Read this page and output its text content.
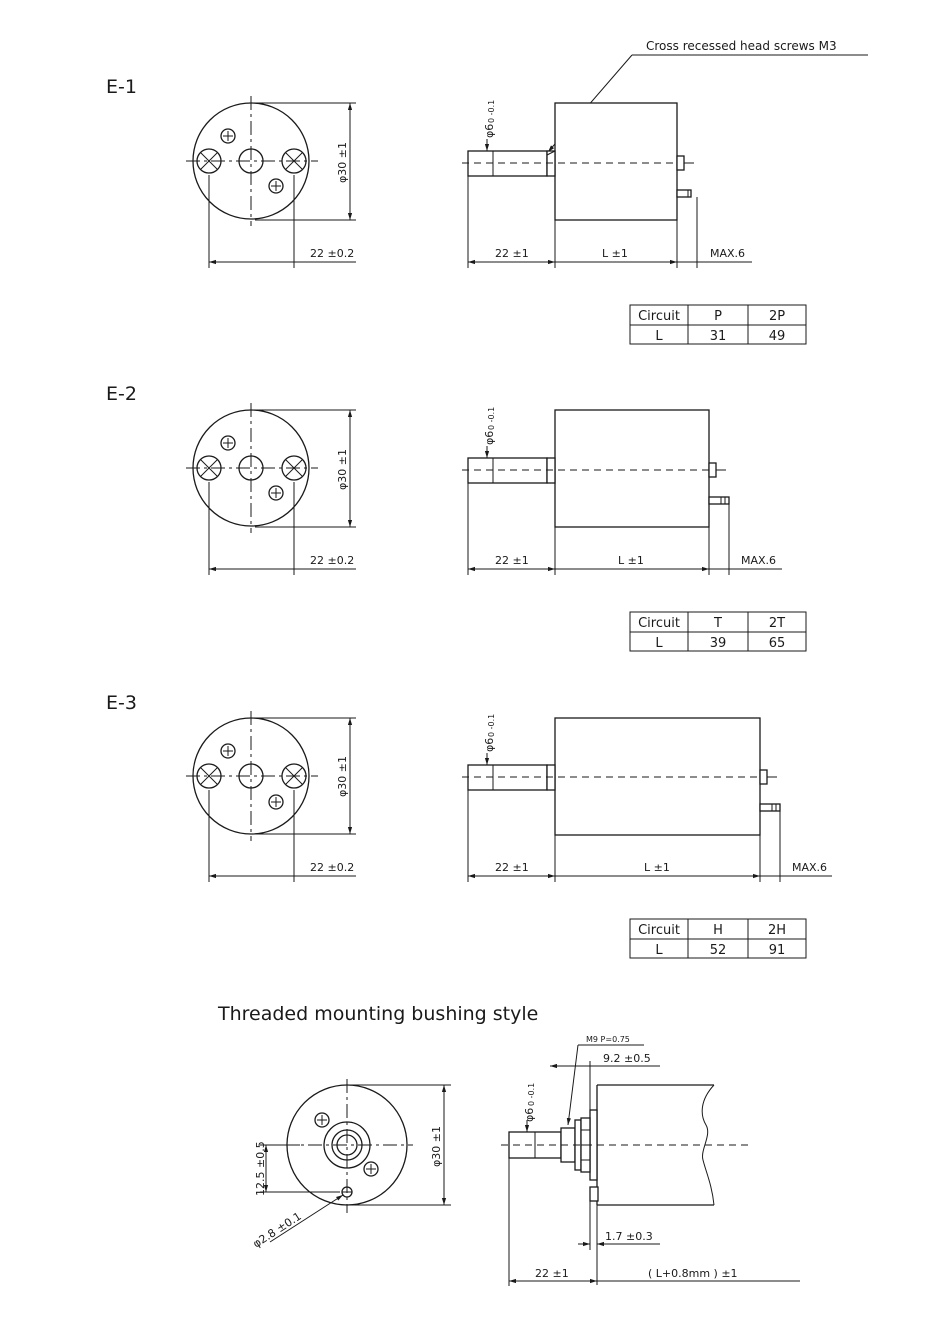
Cross recessed head screws M3
E-1
φ30 ±1
22 ±0.2
φ6
0 -0.1
22 ±1	L ±1	MAX.6
Circuit	P	2P
L	31	49
E-2
φ30 ±1
22 ±0.2
φ6
0 -0.1
22 ±1	L ±1	MAX.6
Circuit	T	2T
L	39	65
E-3
φ30 ±1
22 ±0.2
φ6
0 -0.1
22 ±1	L ±1	MAX.6
Circuit	H	2H
L	52	91
Threaded mounting bushing style
φ30 ±1
12.5 ±0.5
φ2.8 ±0.1
M9 P=0.75
9.2 ±0.5
φ6
0 -0.1
1.7 ±0.3
22 ±1	( L+0.8mm ) ±1
